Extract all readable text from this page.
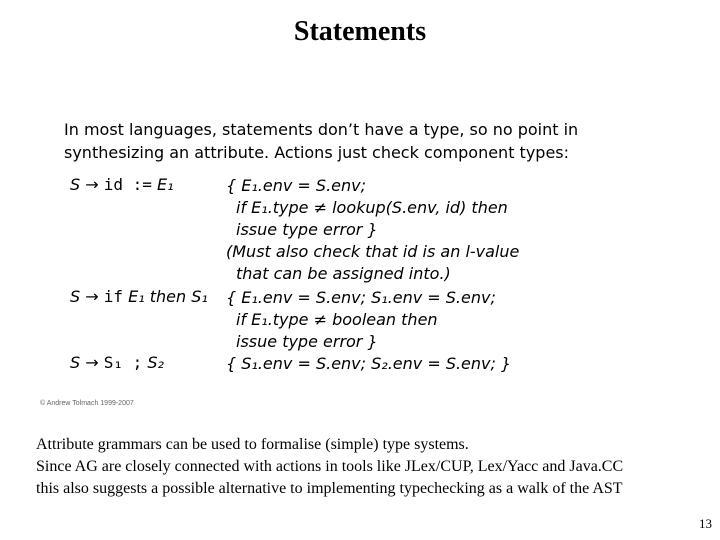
Statements
In most languages, statements don’t have a type, so no point in synthesizing an attribute. Actions just check component types:
S → id := E₁	{ E₁.env = S.env;
if E₁.type ≠ lookup(S.env, id) then
issue type error }
(Must also check that id is an l-value
that can be assigned into.)
S → if E₁ then S₁	{ E₁.env = S.env; S₁.env = S.env;
if E₁.type ≠ boolean then
issue type error }
S → S₁ ; S₂	{ S₁.env = S.env; S₂.env = S.env; }
© Andrew Tolmach 1999-2007
Attribute grammars can be used to formalise (simple) type systems.
Since AG are closely connected with actions in tools like JLex/CUP, Lex/Yacc and Java.CC
this also suggests a possible alternative to implementing typechecking as a walk of the AST
13
